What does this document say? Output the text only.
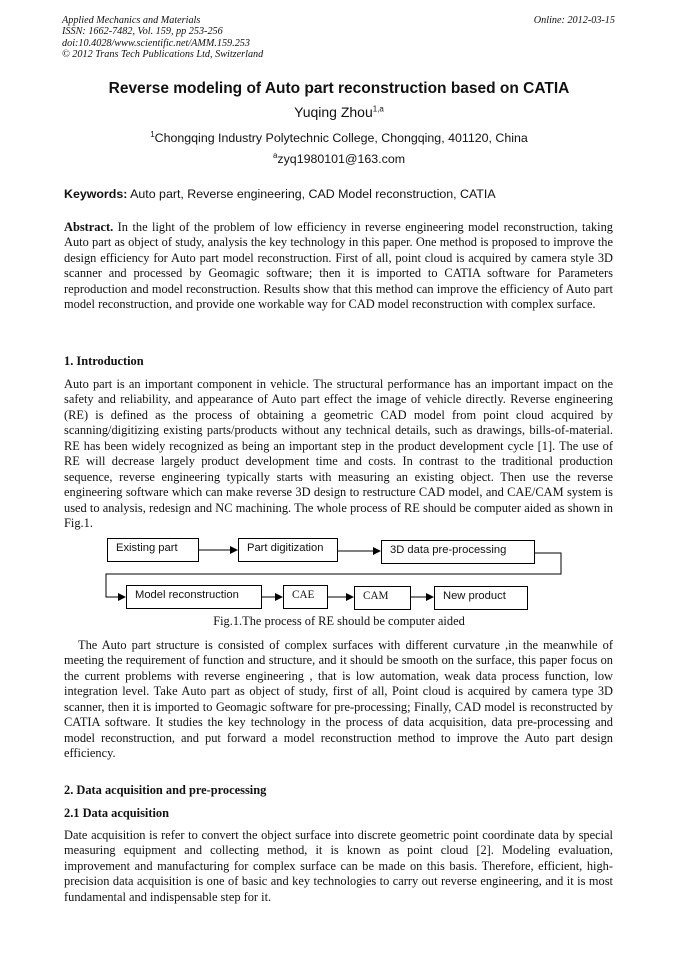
Applied Mechanics and Materials
ISSN: 1662-7482, Vol. 159, pp 253-256
doi:10.4028/www.scientific.net/AMM.159.253
© 2012 Trans Tech Publications Ltd, Switzerland
Online: 2012-03-15
Reverse modeling of Auto part reconstruction based on CATIA
Yuqing Zhou$^{1,a}$
$^1$Chongqing Industry Polytechnic College, Chongqing, 401120, China
$^a$zyq1980101@163.com
Keywords: Auto part, Reverse engineering, CAD Model reconstruction, CATIA

Abstract. In the light of the problem of low efficiency in reverse engineering model reconstruction, taking Auto part as object of study, analysis the key technology in this paper. One method is proposed to improve the design efficiency for Auto part model reconstruction. First of all, point cloud is acquired by camera style 3D scanner and processed by Geomagic software; then it is imported to CATIA software for Parameters reproduction and model reconstruction. Results show that this method can improve the efficiency of Auto part model reconstruction, and provide one workable way for CAD model reconstruction with complex surface.

1. Introduction

Auto part is an important component in vehicle. The structural performance has an important impact on the safety and reliability, and appearance of Auto part effect the image of vehicle directly. Reverse engineering (RE) is defined as the process of obtaining a geometric CAD model from point cloud acquired by scanning/digitizing existing parts/products without any technical details, such as drawings, bills-of-material. RE has been widely recognized as being an important step in the product development cycle [1]. The use of RE will decrease largely product development time and costs. In contrast to the traditional production sequence, reverse engineering typically starts with measuring an existing object. Then use the reverse engineering software which can make reverse 3D design to restructure CAD model, and CAE/CAM system is used to analysis, redesign and NC machining. The whole process of RE should be computer aided as shown in Fig.1.

Existing part	Part digitization	3D data pre-processing
Model reconstruction	CAE	CAM	New product
Fig.1.The process of RE should be computer aided

The Auto part structure is consisted of complex surfaces with different curvature ,in the meanwhile of meeting the requirement of function and structure, and it should be smooth on the surface, this paper focus on the current problems with reverse engineering , that is low automation, weak data process function, low integration level. Take Auto part as object of study, first of all, Point cloud is acquired by camera type 3D scanner, then it is imported to Geomagic software for pre-processing; Finally, CAD model is reconstructed by CATIA software. It studies the key technology in the process of data acquisition, data pre-processing and model reconstruction, and put forward a model reconstruction method to improve the Auto part design efficiency.

2. Data acquisition and pre-processing
2.1 Data acquisition

Date acquisition is refer to convert the object surface into discrete geometric point coordinate data by special measuring equipment and collecting method, it is known as point cloud [2]. Modeling evaluation, improvement and manufacturing for complex surface can be made on this basis. Therefore, efficient, high-precision data acquisition is one of basic and key technologies to carry out reverse engineering, and it is most fundamental and indispensable step for it.
